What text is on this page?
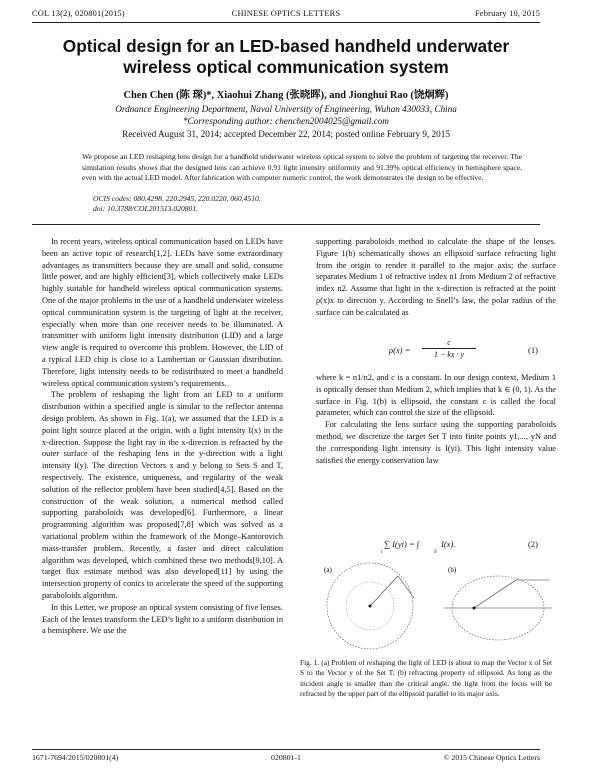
COL 13(2), 020801(2015)	CHINESE OPTICS LETTERS	February 10, 2015
Optical design for an LED-based handheld underwater wireless optical communication system
Chen Chen (陈 琛)*, Xiaohui Zhang (张晓晖), and Jionghui Rao (饶炯辉)
Ordnance Engineering Department, Naval University of Engineering, Wuhan 430033, China
*Corresponding author: chenchen2004025@gmail.com
Received August 31, 2014; accepted December 22, 2014; posted online February 9, 2015
We propose an LED reshaping lens design for a handheld underwater wireless optical system to solve the problem of targeting the receiver. The simulation results shows that the designed lens can achieve 0.91 light intensity uniformity and 91.39% optical efficiency in hemisphere space, even with the actual LED model. After fabrication with computer numeric control, the work demonstrates the design to be effective.
OCIS codes: 080.4298, 220.2945, 220.0220, 060.4510.
doi: 10.3788/COL201513.020801.

In recent years, wireless optical communication based on LEDs have been an active topic of research[1,2]. LEDs have some extraordinary advantages as transmitters because they are small and solid, consume little power, and are highly efficient[3], which collectively make LEDs highly suitable for handheld wireless optical communication systems. One of the major problems in the use of a handheld underwater wireless optical communication system is the targeting of light at the receiver, especially when more than one receiver needs to be illuminated. A transmitter with uniform light intensity distribution (LID) and a large view angle is required to overcome this problem. However, the LID of a typical LED chip is close to a Lambertian or Gaussian distribution. Therefore, light intensity needs to be redistributed to meet a handheld wireless optical communication system’s requirements.

The problem of reshaping the light from an LED to a uniform distribution within a specified angle is similar to the reflector antenna design problem. As shown in Fig. 1(a), we assumed that the LED is a point light source placed at the origin, with a light intensity I(x) in the x-direction. Suppose the light ray in the x-direction is refracted by the outer surface of the reshaping lens in the y-direction with a light intensity I(y). The direction Vectors x and y belong to Sets S and T, respectively. The existence, uniqueness, and regularity of the weak solution of the reflector problem have been studied[4,5]. Based on the construction of the weak solution, a numerical method called supporting paraboloids was developed[6]. Furthermore, a linear programming algorithm was proposed[7,8] which was solved as a variational problem within the framework of the Monge–Kantorovich mass-transfer problem. Recently, a faster and direct calculation algorithm was developed, which combined these two methods[9,10]. A target flux estimate method was also developed[11] by using the intersection property of conics to accelerate the speed of the supporting paraboloids algorithm.

In this Letter, we propose an optical system consisting of five lenses. Each of the lenses transform the LED’s light to a uniform distribution in a hemisphere. We use the

supporting paraboloids method to calculate the shape of the lenses. Figure 1(b) schematically shows an ellipsoid surface refracting light from the origin to render it parallel to the major axis; the surface separates Medium 1 of refractive index n1 from Medium 2 of refractive index n2. Assume that light in the x-direction is refracted at the point ρ(x)x to direction y. According to Snell’s law, the polar radius of the surface can be calculated as

ρ(x) =
c
1 − kx · y	(1)

where k = n1/n2, and c is a constant. In our design context, Medium 1 is optically denser than Medium 2, which implies that k ∈ (0, 1). As the surface in Fig. 1(b) is ellipsoid, the constant c is called the focal parameter, which can control the size of the ellipsoid.

For calculating the lens surface using the supporting paraboloids method, we discretize the target Set T into finite points y1,..., yN and the corresponding light intensity is I(yi). This light intensity value satisfies the energy conservation law

∑ I(yi) = ∫	I(x).
i	S
(2)
(a)	(b)
Fig. 1. (a) Problem of reshaping the light of LED is about to map the Vector x of Set S to the Vector y of the Set T; (b) refracting property of ellipsoid. As long as the incident angle is smaller than the critical angle, the light from the focus will be refracted by the upper part of the ellipsoid parallel to its major axis.
1671-7694/2015/020801(4)	020801-1	© 2015 Chinese Optics Letters
